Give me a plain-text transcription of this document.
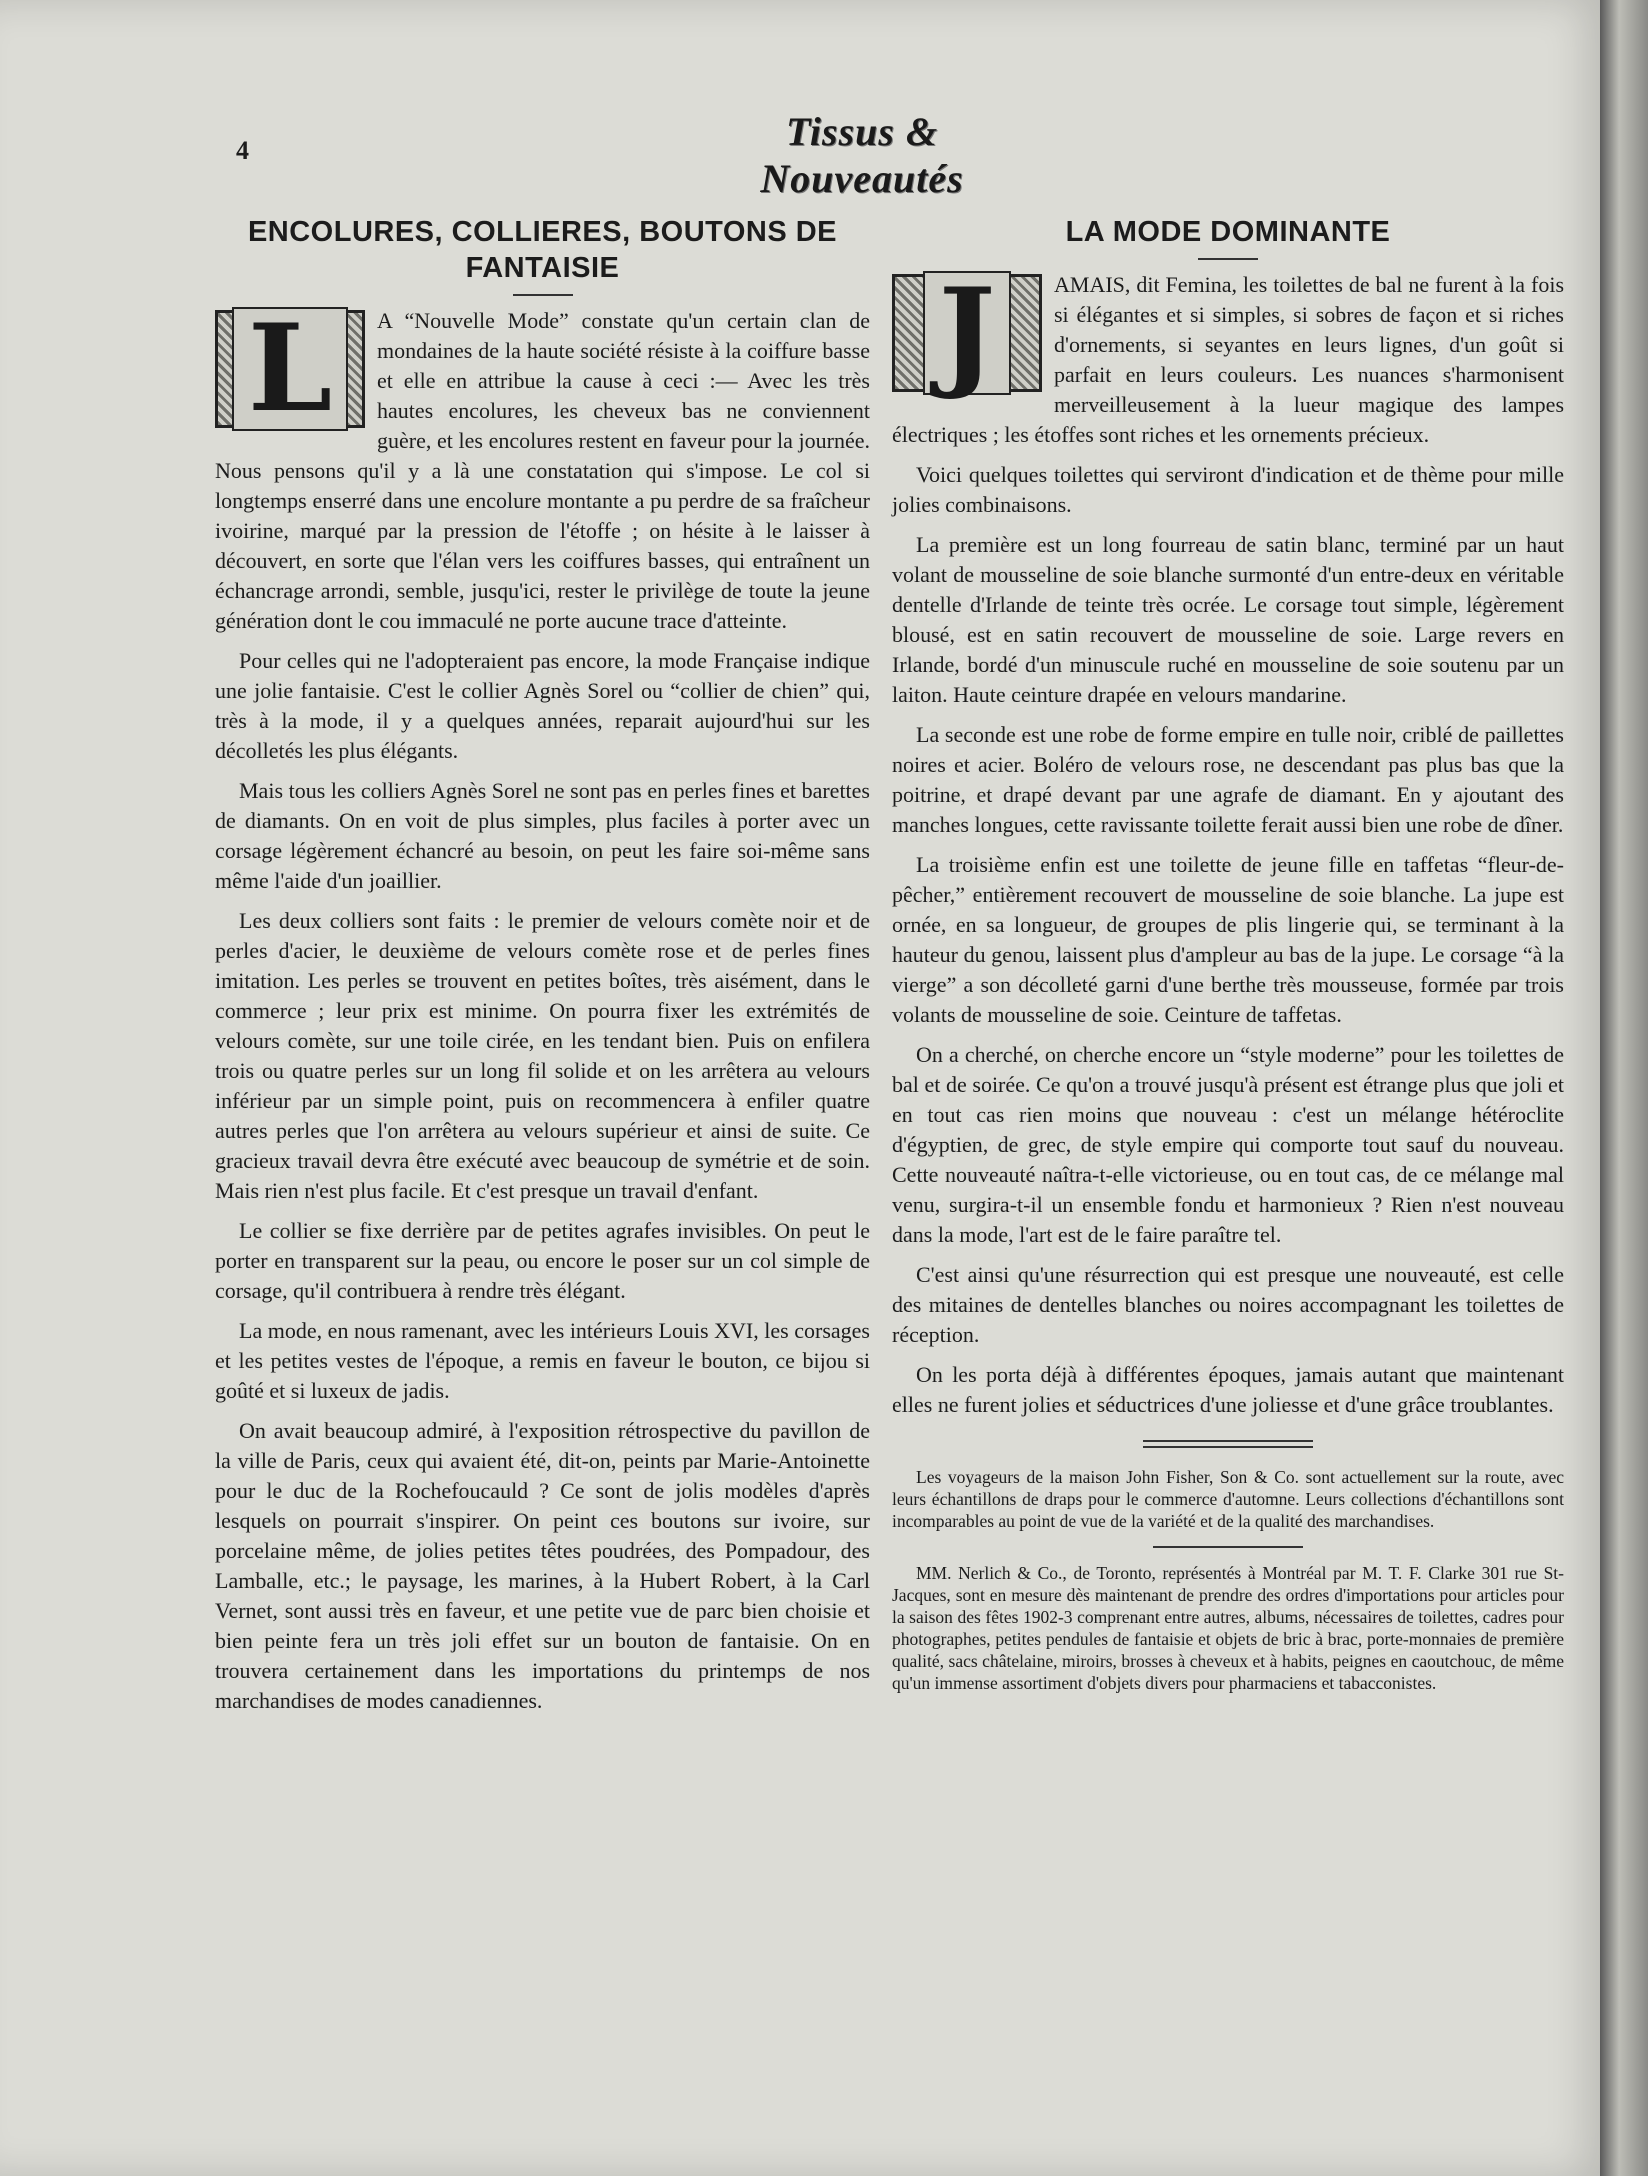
4	Tissus & Nouveautés
ENCOLURES, COLLIERES, BOUTONS DE FANTAISIE
L	A “Nouvelle Mode” constate qu'un certain clan de mondaines de la haute société résiste à la coiffure basse et elle en attribue la cause à ceci :— Avec les très hautes encolures, les cheveux bas ne conviennent guère, et les encolures restent en faveur pour la journée. Nous pensons qu'il y a là une constatation qui s'impose. Le col si longtemps enserré dans une encolure montante a pu perdre de sa fraîcheur ivoirine, marqué par la pression de l'étoffe ; on hésite à le laisser à découvert, en sorte que l'élan vers les coiffures basses, qui entraînent un échancrage arrondi, semble, jusqu'ici, rester le privilège de toute la jeune génération dont le cou immaculé ne porte aucune trace d'atteinte.

Pour celles qui ne l'adopteraient pas encore, la mode Française indique une jolie fantaisie. C'est le collier Agnès Sorel ou “collier de chien” qui, très à la mode, il y a quelques années, reparait aujourd'hui sur les décolletés les plus élégants.

Mais tous les colliers Agnès Sorel ne sont pas en perles fines et barettes de diamants. On en voit de plus simples, plus faciles à porter avec un corsage légèrement échancré au besoin, on peut les faire soi-même sans même l'aide d'un joaillier.

Les deux colliers sont faits : le premier de velours comète noir et de perles d'acier, le deuxième de velours comète rose et de perles fines imitation. Les perles se trouvent en petites boîtes, très aisément, dans le commerce ; leur prix est minime. On pourra fixer les extrémités de velours comète, sur une toile cirée, en les tendant bien. Puis on enfilera trois ou quatre perles sur un long fil solide et on les arrêtera au velours inférieur par un simple point, puis on recommencera à enfiler quatre autres perles que l'on arrêtera au velours supérieur et ainsi de suite. Ce gracieux travail devra être exécuté avec beaucoup de symétrie et de soin. Mais rien n'est plus facile. Et c'est presque un travail d'enfant.

Le collier se fixe derrière par de petites agrafes invisibles. On peut le porter en transparent sur la peau, ou encore le poser sur un col simple de corsage, qu'il contribuera à rendre très élégant.

La mode, en nous ramenant, avec les intérieurs Louis XVI, les corsages et les petites vestes de l'époque, a remis en faveur le bouton, ce bijou si goûté et si luxeux de jadis.

On avait beaucoup admiré, à l'exposition rétrospective du pavillon de la ville de Paris, ceux qui avaient été, dit-on, peints par Marie-Antoinette pour le duc de la Rochefoucauld ? Ce sont de jolis modèles d'après lesquels on pourrait s'inspirer. On peint ces boutons sur ivoire, sur porcelaine même, de jolies petites têtes poudrées, des Pompadour, des Lamballe, etc.; le paysage, les marines, à la Hubert Robert, à la Carl Vernet, sont aussi très en faveur, et une petite vue de parc bien choisie et bien peinte fera un très joli effet sur un bouton de fantaisie. On en trouvera certainement dans les importations du printemps de nos marchandises de modes canadiennes.

LA MODE DOMINANTE
J	AMAIS, dit Femina, les toilettes de bal ne furent à la fois si élégantes et si simples, si sobres de façon et si riches d'ornements, si seyantes en leurs lignes, d'un goût si parfait en leurs couleurs. Les nuances s'harmonisent merveilleusement à la lueur magique des lampes électriques ; les étoffes sont riches et les ornements précieux.

Voici quelques toilettes qui serviront d'indication et de thème pour mille jolies combinaisons.

La première est un long fourreau de satin blanc, terminé par un haut volant de mousseline de soie blanche surmonté d'un entre-deux en véritable dentelle d'Irlande de teinte très ocrée. Le corsage tout simple, légèrement blousé, est en satin recouvert de mousseline de soie. Large revers en Irlande, bordé d'un minuscule ruché en mousseline de soie soutenu par un laiton. Haute ceinture drapée en velours mandarine.

La seconde est une robe de forme empire en tulle noir, criblé de paillettes noires et acier. Boléro de velours rose, ne descendant pas plus bas que la poitrine, et drapé devant par une agrafe de diamant. En y ajoutant des manches longues, cette ravissante toilette ferait aussi bien une robe de dîner.

La troisième enfin est une toilette de jeune fille en taffetas “fleur-de-pêcher,” entièrement recouvert de mousseline de soie blanche. La jupe est ornée, en sa longueur, de groupes de plis lingerie qui, se terminant à la hauteur du genou, laissent plus d'ampleur au bas de la jupe. Le corsage “à la vierge” a son décolleté garni d'une berthe très mousseuse, formée par trois volants de mousseline de soie. Ceinture de taffetas.

On a cherché, on cherche encore un “style moderne” pour les toilettes de bal et de soirée. Ce qu'on a trouvé jusqu'à présent est étrange plus que joli et en tout cas rien moins que nouveau : c'est un mélange hétéroclite d'égyptien, de grec, de style empire qui comporte tout sauf du nouveau. Cette nouveauté naîtra-t-elle victorieuse, ou en tout cas, de ce mélange mal venu, surgira-t-il un ensemble fondu et harmonieux ? Rien n'est nouveau dans la mode, l'art est de le faire paraître tel.

C'est ainsi qu'une résurrection qui est presque une nouveauté, est celle des mitaines de dentelles blanches ou noires accompagnant les toilettes de réception.

On les porta déjà à différentes époques, jamais autant que maintenant elles ne furent jolies et séductrices d'une joliesse et d'une grâce troublantes.

Les voyageurs de la maison John Fisher, Son & Co. sont actuellement sur la route, avec leurs échantillons de draps pour le commerce d'automne. Leurs collections d'échantillons sont incomparables au point de vue de la variété et de la qualité des marchandises.

MM. Nerlich & Co., de Toronto, représentés à Montréal par M. T. F. Clarke 301 rue St-Jacques, sont en mesure dès maintenant de prendre des ordres d'importations pour articles pour la saison des fêtes 1902-3 comprenant entre autres, albums, nécessaires de toilettes, cadres pour photographes, petites pendules de fantaisie et objets de bric à brac, porte-monnaies de première qualité, sacs châtelaine, miroirs, brosses à cheveux et à habits, peignes en caoutchouc, de même qu'un immense assortiment d'objets divers pour pharmaciens et tabacconistes.
